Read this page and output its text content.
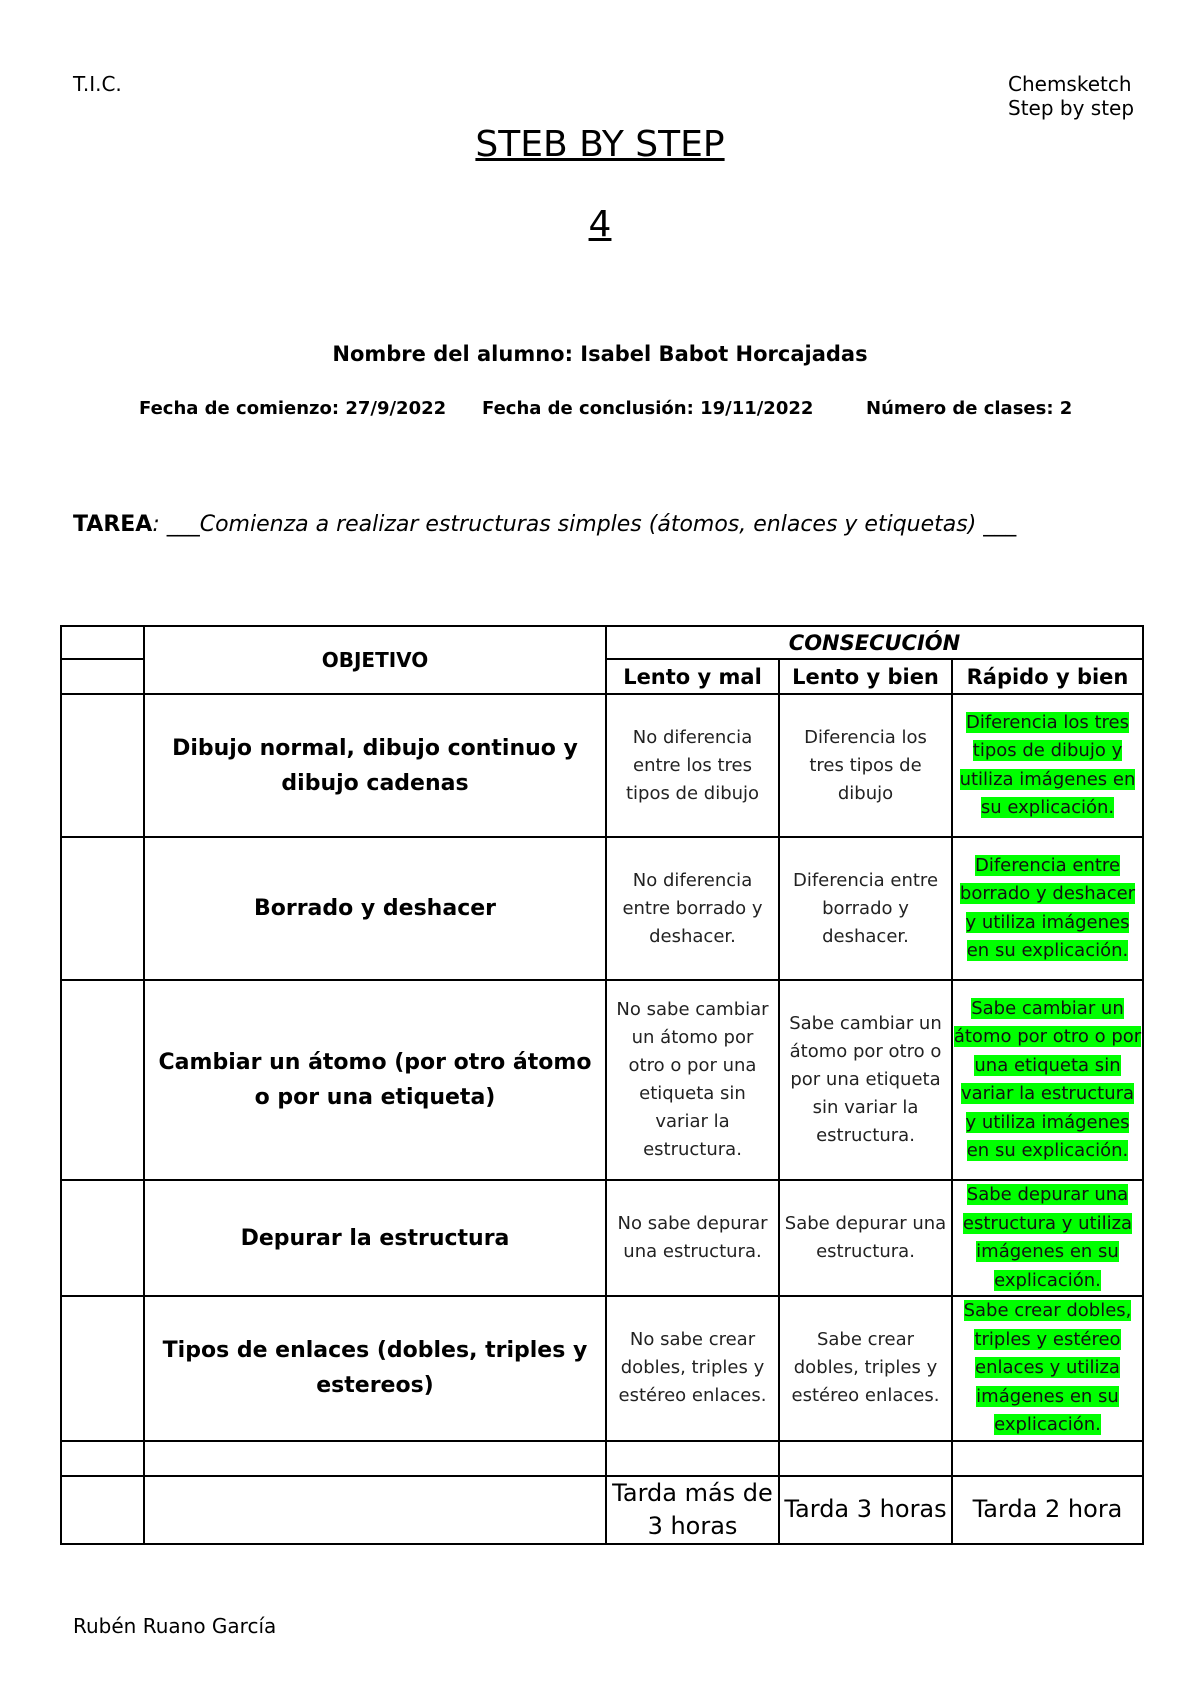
T.I.C.	Chemsketch
Step by step
STEB BY STEP
4
Nombre del alumno: Isabel Babot Horcajadas
Fecha de comienzo: 27/9/2022 Fecha de conclusión: 19/11/2022	Número de clases: 2
TAREA: ___Comienza a realizar estructuras simples (átomos, enlaces y etiquetas) ___
	OBJETIVO	CONSECUCIÓN		
		Lento y mal	Lento y bien	Rápido y bien
	Dibujo normal, dibujo continuo y dibujo cadenas	No diferencia entre los tres tipos de dibujo	Diferencia los tres tipos de dibujo	Diferencia los tres tipos de dibujo y utiliza imágenes en su explicación.
	Borrado y deshacer	No diferencia entre borrado y deshacer.	Diferencia entre borrado y deshacer.	Diferencia entre borrado y deshacer y utiliza imágenes en su explicación.
	Cambiar un átomo (por otro átomo o por una etiqueta)	No sabe cambiar un átomo por otro o por una etiqueta sin variar la estructura.	Sabe cambiar un átomo por otro o por una etiqueta sin variar la estructura.	Sabe cambiar un átomo por otro o por una etiqueta sin variar la estructura y utiliza imágenes en su explicación.
	Depurar la estructura	No sabe depurar una estructura.	Sabe depurar una estructura.	Sabe depurar una estructura y utiliza imágenes en su explicación.
	Tipos de enlaces (dobles, triples y estereos)	No sabe crear dobles, triples y estéreo enlaces.	Sabe crear dobles, triples y estéreo enlaces.	Sabe crear dobles, triples y estéreo enlaces y utiliza imágenes en su explicación.

		Tarda más de 3 horas	Tarda 3 horas	Tarda 2 hora
Rubén Ruano García
